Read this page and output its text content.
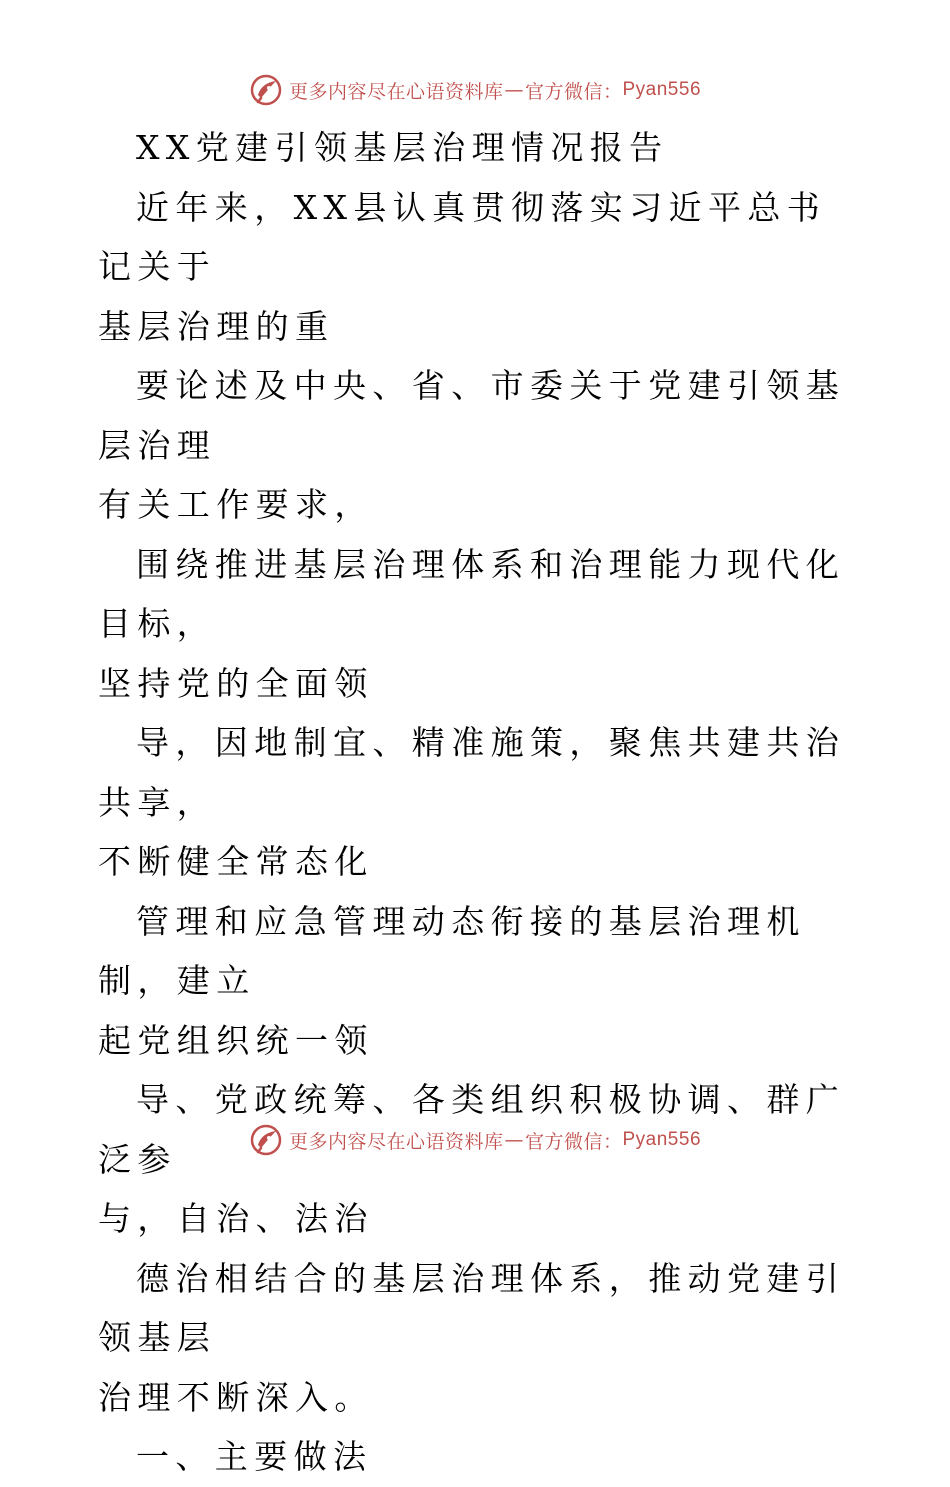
更多内容尽在心语资料库 — 官方微信： Pyan556

XX党建引领基层治理情况报告

近年来，XX县认真贯彻落实习近平总书记关于

基层治理的重

要论述及中央、省、市委关于党建引领基层治理

有关工作要求，

围绕推进基层治理体系和治理能力现代化目标，

坚持党的全面领

导，因地制宜、精准施策，聚焦共建共治共享，

不断健全常态化

管理和应急管理动态衔接的基层治理机制，建立

起党组织统一领

导、党政统筹、各类组织积极协调、群广泛参

与，自治、法治

德治相结合的基层治理体系，推动党建引领基层

治理不断深入。

一、主要做法

更多内容尽在心语资料库 — 官方微信： Pyan556
